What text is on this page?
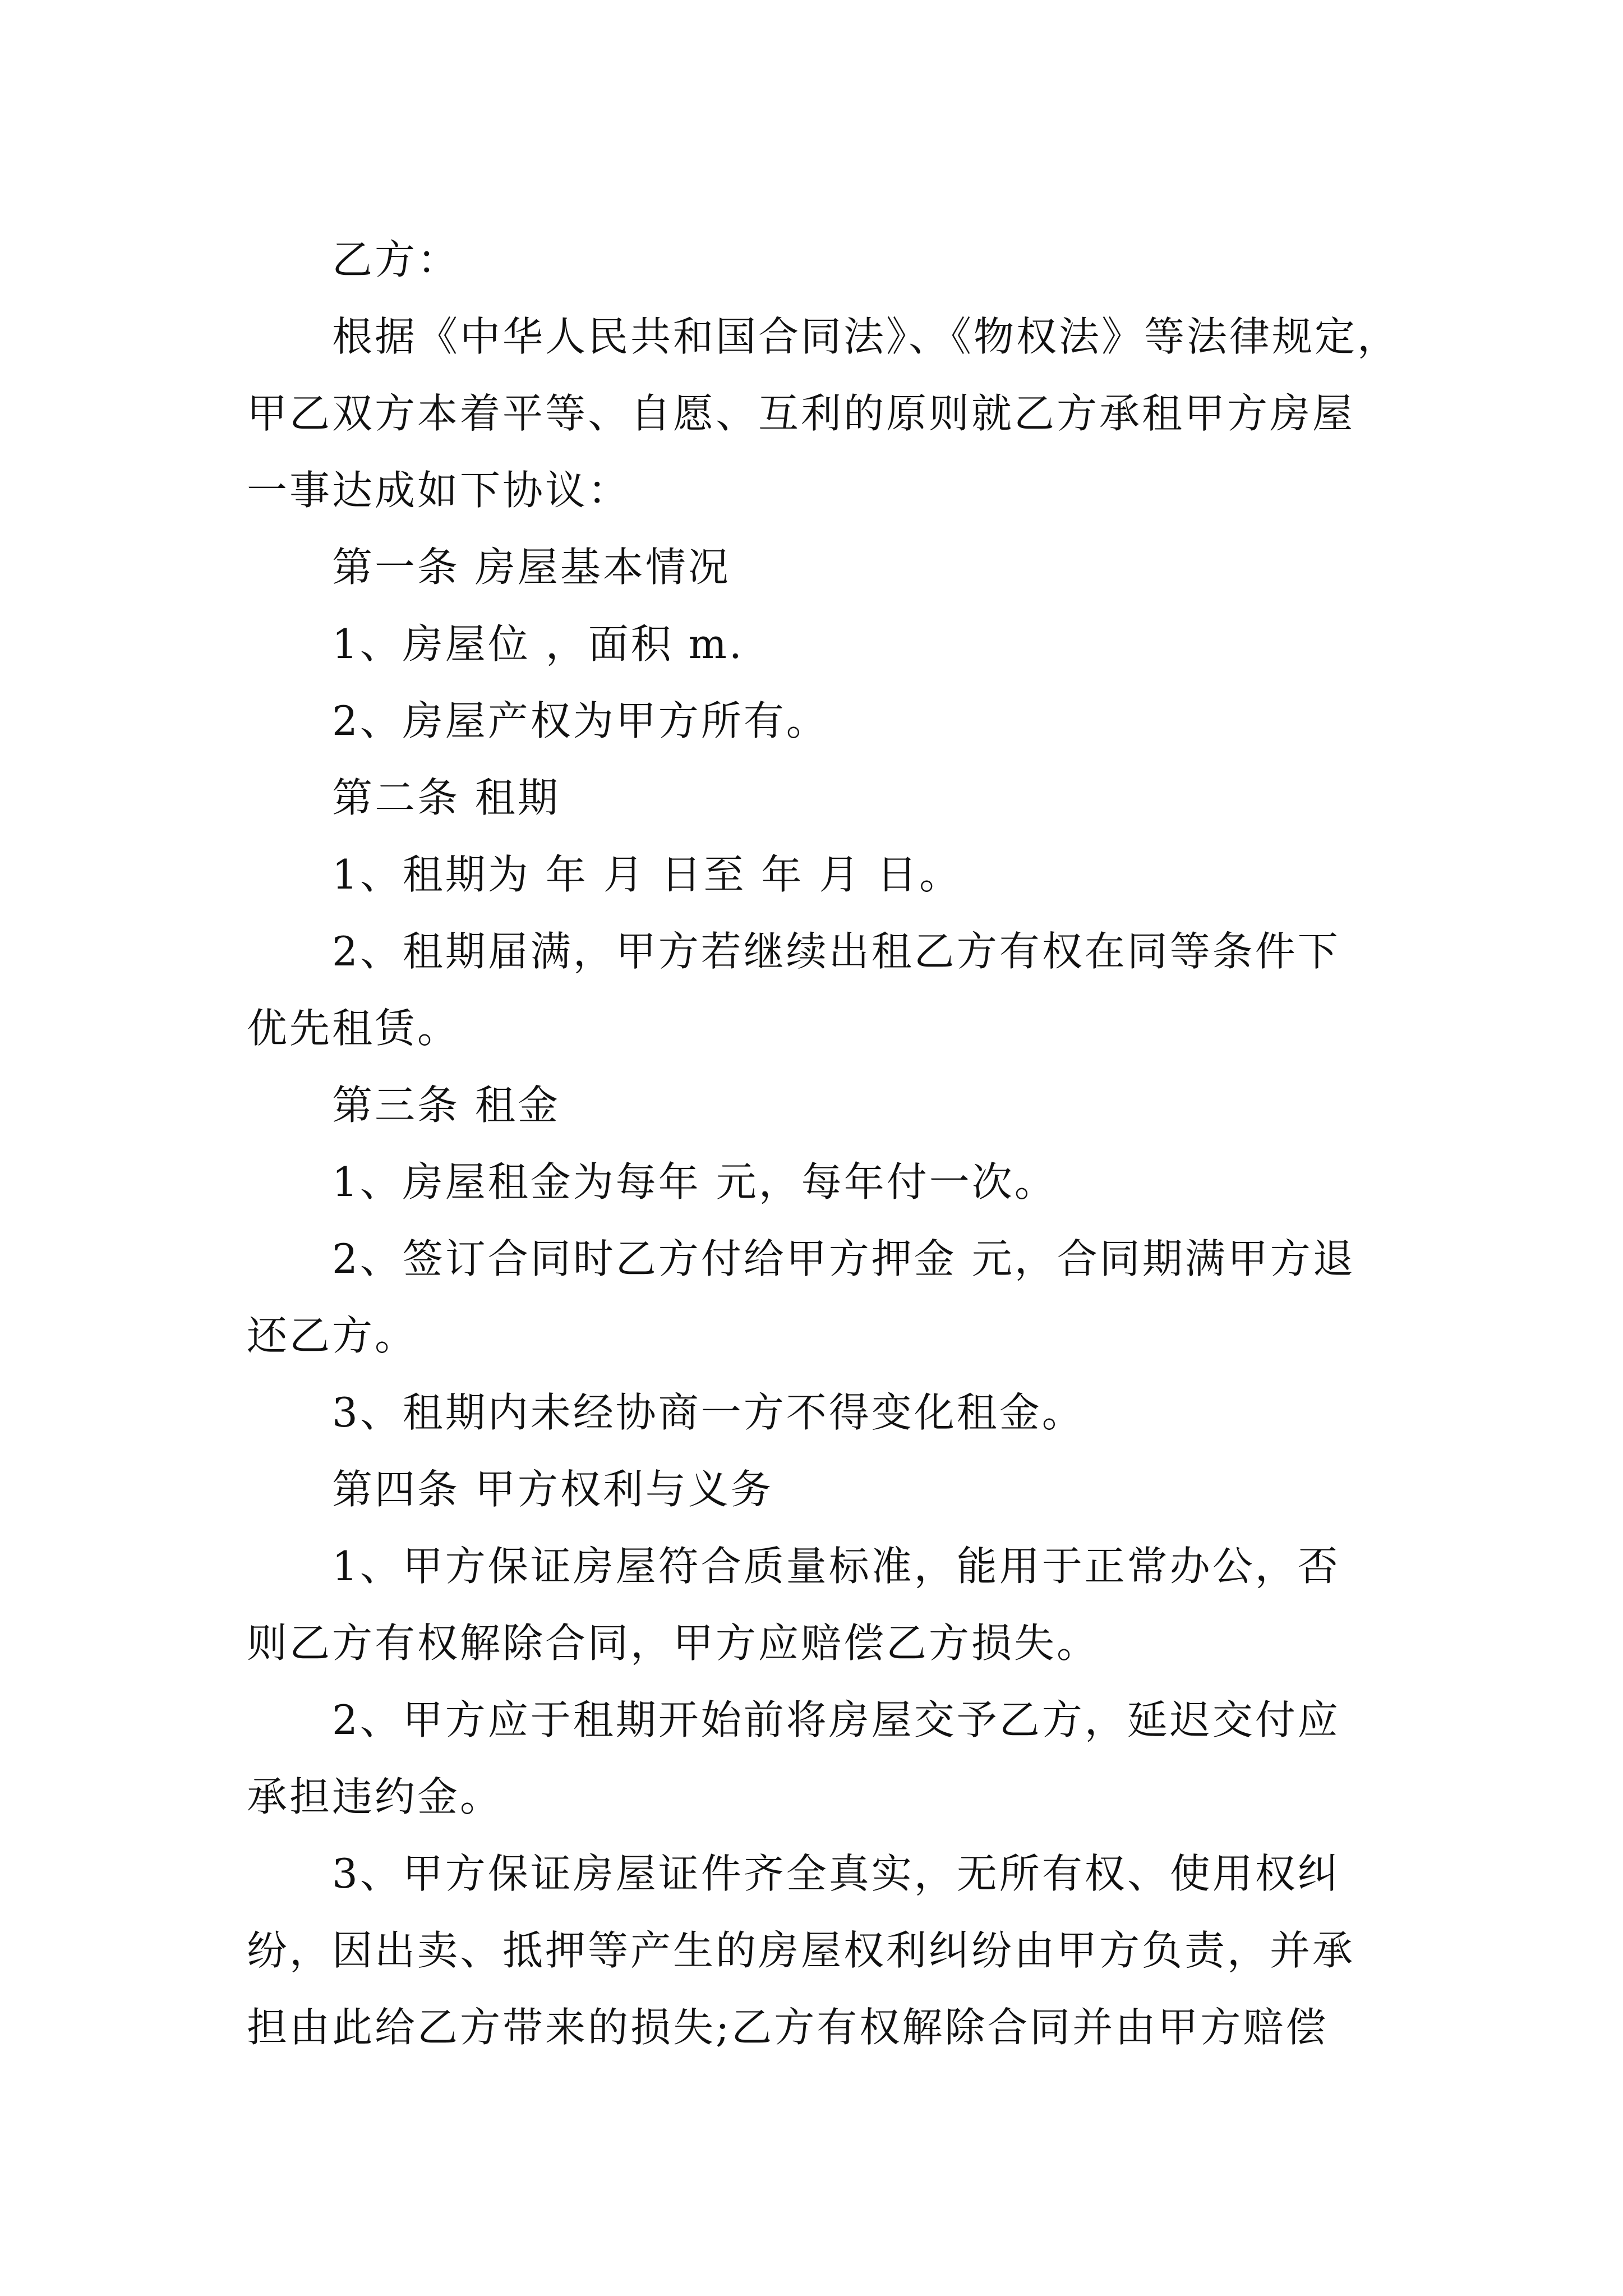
乙方：
根据《中华人民共和国合同法》、《物权法》等法律规定，
甲乙双方本着平等、自愿、互利的原则就乙方承租甲方房屋
一事达成如下协议：
第一条 房屋基本情况
1、房屋位 ，面积 m.
2、房屋产权为甲方所有。
第二条 租期
1、租期为 年 月 日至 年 月 日。
2、租期届满，甲方若继续出租乙方有权在同等条件下
优先租赁。
第三条 租金
1、房屋租金为每年 元，每年付一次。
2、签订合同时乙方付给甲方押金 元，合同期满甲方退
还乙方。
3、租期内未经协商一方不得变化租金。
第四条 甲方权利与义务
1、甲方保证房屋符合质量标准，能用于正常办公，否
则乙方有权解除合同，甲方应赔偿乙方损失。
2、甲方应于租期开始前将房屋交予乙方，延迟交付应
承担违约金。
3、甲方保证房屋证件齐全真实，无所有权、使用权纠
纷，因出卖、抵押等产生的房屋权利纠纷由甲方负责，并承
担由此给乙方带来的损失;乙方有权解除合同并由甲方赔偿
